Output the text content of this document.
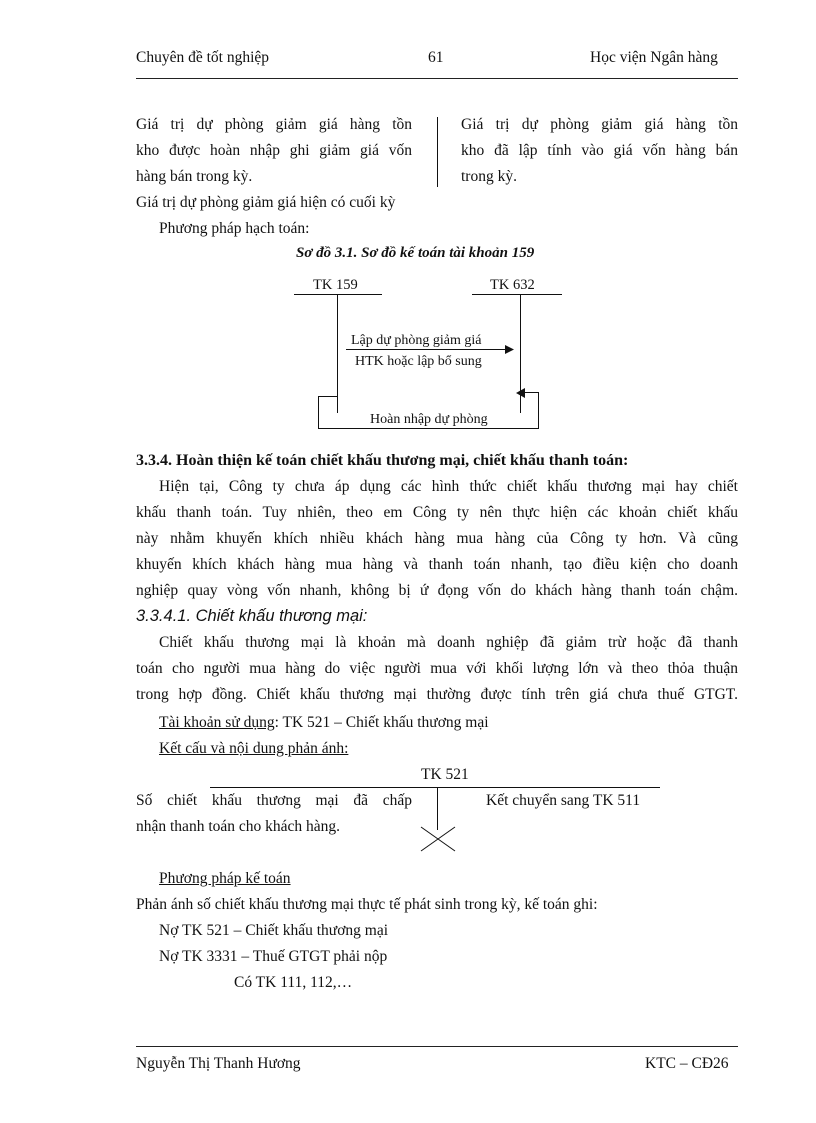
Chuyên đề tốt nghiệp	61	Học viện Ngân hàng
Giá trị dự phòng giảm giá hàng tồn
kho được hoàn nhập ghi giảm giá vốn
hàng bán trong kỳ.
Giá trị dự phòng giảm giá hàng tồn
kho đã lập tính vào giá vốn hàng bán
trong kỳ.
Giá trị dự phòng giảm giá hiện có cuối kỳ
Phương pháp hạch toán:
Sơ đồ 3.1. Sơ đồ kế toán tài khoản 159
TK 159	TK 632
Lập dự phòng giảm giá
HTK hoặc lập bổ sung
Hoàn nhập dự phòng
3.3.4. Hoàn thiện kế toán chiết khấu thương mại, chiết khấu thanh toán:
Hiện tại, Công ty chưa áp dụng các hình thức chiết khấu thương mại hay chiết
khấu thanh toán. Tuy nhiên, theo em Công ty nên thực hiện các khoản chiết khấu
này nhằm khuyến khích nhiều khách hàng mua hàng của Công ty hơn. Và cũng
khuyến khích khách hàng mua hàng và thanh toán nhanh, tạo điều kiện cho doanh
nghiệp quay vòng vốn nhanh, không bị ứ đọng vốn do khách hàng thanh toán chậm.
3.3.4.1. Chiết khấu thương mại:
Chiết khấu thương mại là khoản mà doanh nghiệp đã giảm trừ hoặc đã thanh
toán cho người mua hàng do việc người mua với khối lượng lớn và theo thỏa thuận
trong hợp đồng. Chiết khấu thương mại thường được tính trên giá chưa thuế GTGT.
Tài khoản sử dụng: TK 521 – Chiết khấu thương mại
Kết cấu và nội dung phản ánh:
TK 521
Số chiết khấu thương mại đã chấp
nhận thanh toán cho khách hàng.
Kết chuyển sang TK 511
Phương pháp kế toán
Phản ánh số chiết khấu thương mại thực tế phát sinh trong kỳ, kế toán ghi:
Nợ TK 521 – Chiết khấu thương mại
Nợ TK 3331 – Thuế GTGT phải nộp
Có TK 111, 112,…
Nguyễn Thị Thanh Hương	KTC – CĐ26
